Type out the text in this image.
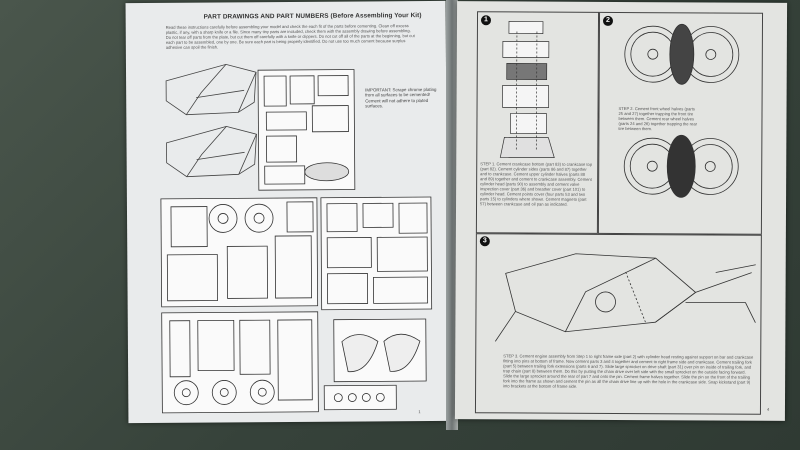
PART DRAWINGS AND PART NUMBERS (Before Assembling Your Kit)
Read these instructions carefully before assembling your model and check the each fit of the parts before cementing. Clean off excess plastic, if any, with a sharp knife or a file. Since many tiny parts are included, check them with the assembly drawing before assembling. Do not tear off parts from the plate, but cut them off carefully with a knife or clippers. Do not cut off all of the parts at the beginning, but cut each part to be assembled, one by one. Be sure each part is being properly identified. Do not use too much cement because surplus adhesive can spoil the finish.
IMPORTANT: Scrape chrome plating from all surfaces to be cemented! Cement will not adhere to plated surfaces.
1
1	2
3
STEP 1. Cement crankcase bottom (part 83) to crankcase top (part 82). Cement cylinder sides (parts 86 and 87) together and to crankcase. Cement upper cylinder halves (parts 88 and 89) together and cement to crankcase assembly. Cement cylinder head (parts 90) to assembly and cement valve inspection cover (part 36) and breather cover (part 101) to cylinder head. Cement points cover (four parts 53 and two parts 15) to cylinders where shown. Cement magneto (part 57) between crankcase and oil pan as indicated.
STEP 2. Cement front wheel halves (parts 25 and 27) together trapping the front tire between them. Cement rear wheel halves (parts 24 and 26) together trapping the rear tire between them.
STEP 3. Cement engine assembly from Step 1 to right frame side (part 2) with cylinder head resting against support on bar and crankcase fitting into pins at bottom of frame. Now cement parts 3 and 4 together and cement to right frame side and crankcase. Cement trailing fork (part 5) between trailing fork extensions (parts 6 and 7). Slide large sprocket on drive shaft (part 31) over pin on inside of trailing fork, and trap chain (part 8) between them. Do this by putting the chain drive over left side with the small sprocket on the outside facing forward. Slide the large sprocket around the rear of part 7 and onto the pin. Cement frame halves together. Slide the pin on the front of the trailing fork into the frame as shown and cement the pin as all the chain drive line up with the hole in the crankcase side. Snap kickstand (part 9) into brackets at the bottom of frame side.
4
